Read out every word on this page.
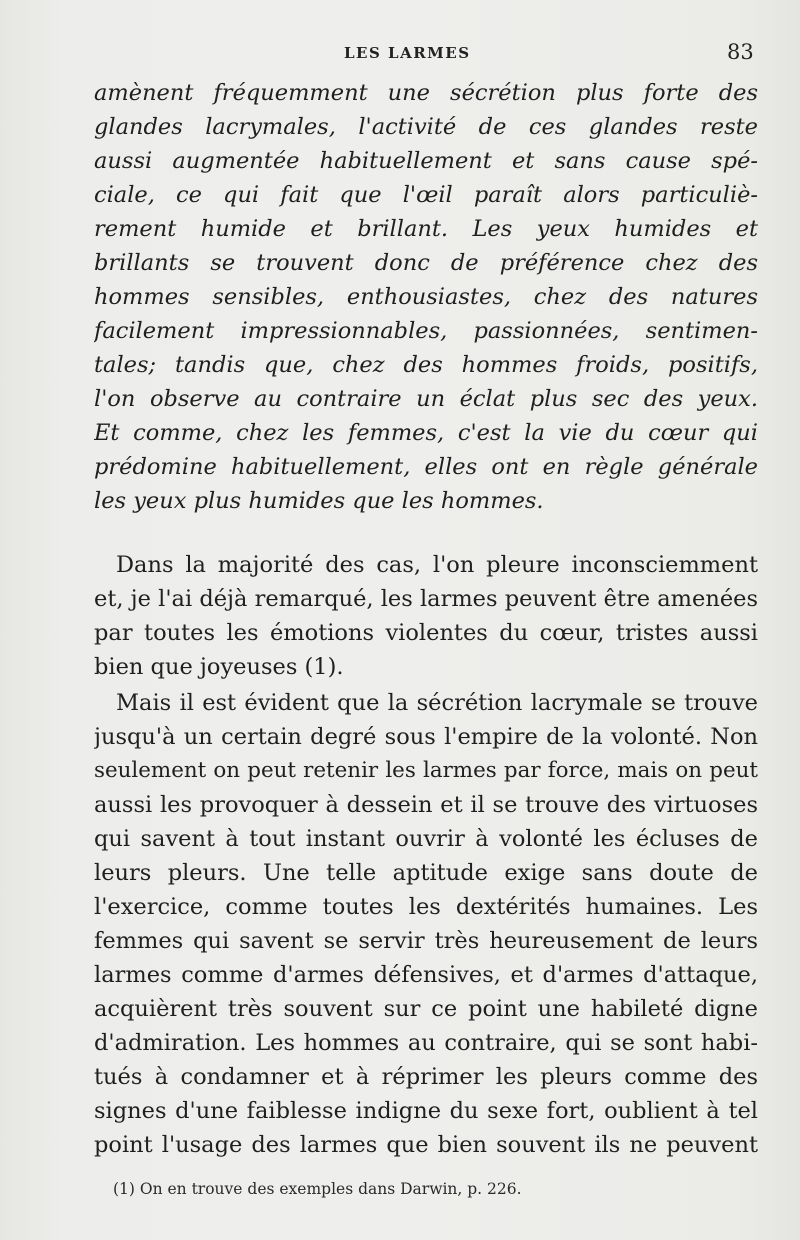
LES LARMES	83

amènent fréquemment une sécrétion plus forte des

glandes lacrymales, l'activité de ces glandes reste

aussi augmentée habituellement et sans cause spé-

ciale, ce qui fait que l'œil paraît alors particuliè-

rement humide et brillant. Les yeux humides et

brillants se trouvent donc de préférence chez des

hommes sensibles, enthousiastes, chez des natures

facilement impressionnables, passionnées, sentimen-

tales; tandis que, chez des hommes froids, positifs,

l'on observe au contraire un éclat plus sec des yeux.

Et comme, chez les femmes, c'est la vie du cœur qui

prédomine habituellement, elles ont en règle générale

les yeux plus humides que les hommes.

Dans la majorité des cas, l'on pleure inconsciemment

et, je l'ai déjà remarqué, les larmes peuvent être amenées

par toutes les émotions violentes du cœur, tristes aussi

bien que joyeuses (1).

Mais il est évident que la sécrétion lacrymale se trouve

jusqu'à un certain degré sous l'empire de la volonté. Non

seulement on peut retenir les larmes par force, mais on peut

aussi les provoquer à dessein et il se trouve des virtuoses

qui savent à tout instant ouvrir à volonté les écluses de

leurs pleurs. Une telle aptitude exige sans doute de

l'exercice, comme toutes les dextérités humaines. Les

femmes qui savent se servir très heureusement de leurs

larmes comme d'armes défensives, et d'armes d'attaque,

acquièrent très souvent sur ce point une habileté digne

d'admiration. Les hommes au contraire, qui se sont habi-

tués à condamner et à réprimer les pleurs comme des

signes d'une faiblesse indigne du sexe fort, oublient à tel

point l'usage des larmes que bien souvent ils ne peuvent

(1) On en trouve des exemples dans Darwin, p. 226.
